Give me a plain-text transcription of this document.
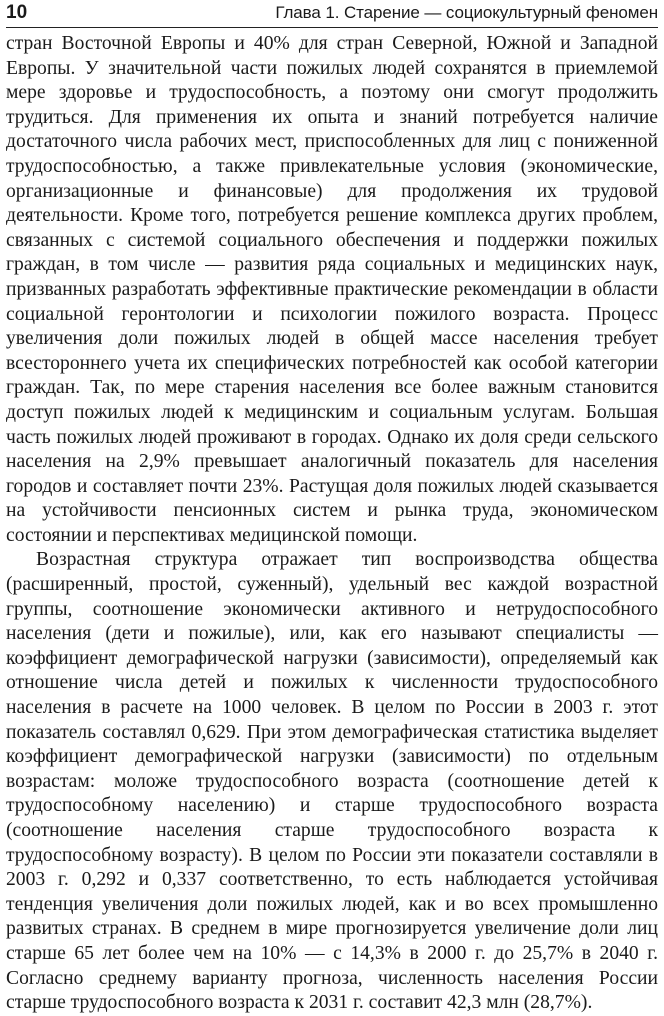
10	Глава 1. Старение — социокультурный феномен

стран Восточной Европы и 40% для стран Северной, Южной и Западной Европы. У значительной части пожилых людей сохранятся в приемлемой мере здоровье и трудоспособность, а поэтому они смогут продолжить трудиться. Для применения их опыта и знаний потребуется наличие достаточного числа рабочих мест, приспособленных для лиц с пониженной трудоспособностью, а также привлекательные условия (экономические, организационные и финансовые) для продолжения их трудовой деятельности. Кроме того, потребуется решение комплекса других проблем, связанных с системой социального обеспечения и поддержки пожилых граждан, в том числе — развития ряда социальных и медицинских наук, призванных разработать эффективные практические рекомендации в области социальной геронтологии и психологии пожилого возраста. Процесс увеличения доли пожилых людей в общей массе населения требует всестороннего учета их специфических потребностей как особой категории граждан. Так, по мере старения населения все более важным становится доступ пожилых людей к медицинским и социальным услугам. Большая часть пожилых людей проживают в городах. Однако их доля среди сельского населения на 2,9% превышает аналогичный показатель для населения городов и составляет почти 23%. Растущая доля пожилых людей сказывается на устойчивости пенсионных систем и рынка труда, экономическом состоянии и перспективах медицинской помощи.

Возрастная структура отражает тип воспроизводства общества (расширенный, простой, суженный), удельный вес каждой возрастной группы, соотношение экономически активного и нетрудоспособного населения (дети и пожилые), или, как его называют специалисты — коэффициент демографической нагрузки (зависимости), определяемый как отношение числа детей и пожилых к численности трудоспособного населения в расчете на 1000 человек. В целом по России в 2003 г. этот показатель составлял 0,629. При этом демографическая статистика выделяет коэффициент демографической нагрузки (зависимости) по отдельным возрастам: моложе трудоспособного возраста (соотношение детей к трудоспособному населению) и старше трудоспособного возраста (соотношение населения старше трудоспособного возраста к трудоспособному возрасту). В целом по России эти показатели составляли в 2003 г. 0,292 и 0,337 соответственно, то есть наблюдается устойчивая тенденция увеличения доли пожилых людей, как и во всех промышленно развитых странах. В среднем в мире прогнозируется увеличение доли лиц старше 65 лет более чем на 10% — с 14,3% в 2000 г. до 25,7% в 2040 г. Согласно среднему варианту прогноза, численность населения России старше трудоспособного возраста к 2031 г. составит 42,3 млн (28,7%).
